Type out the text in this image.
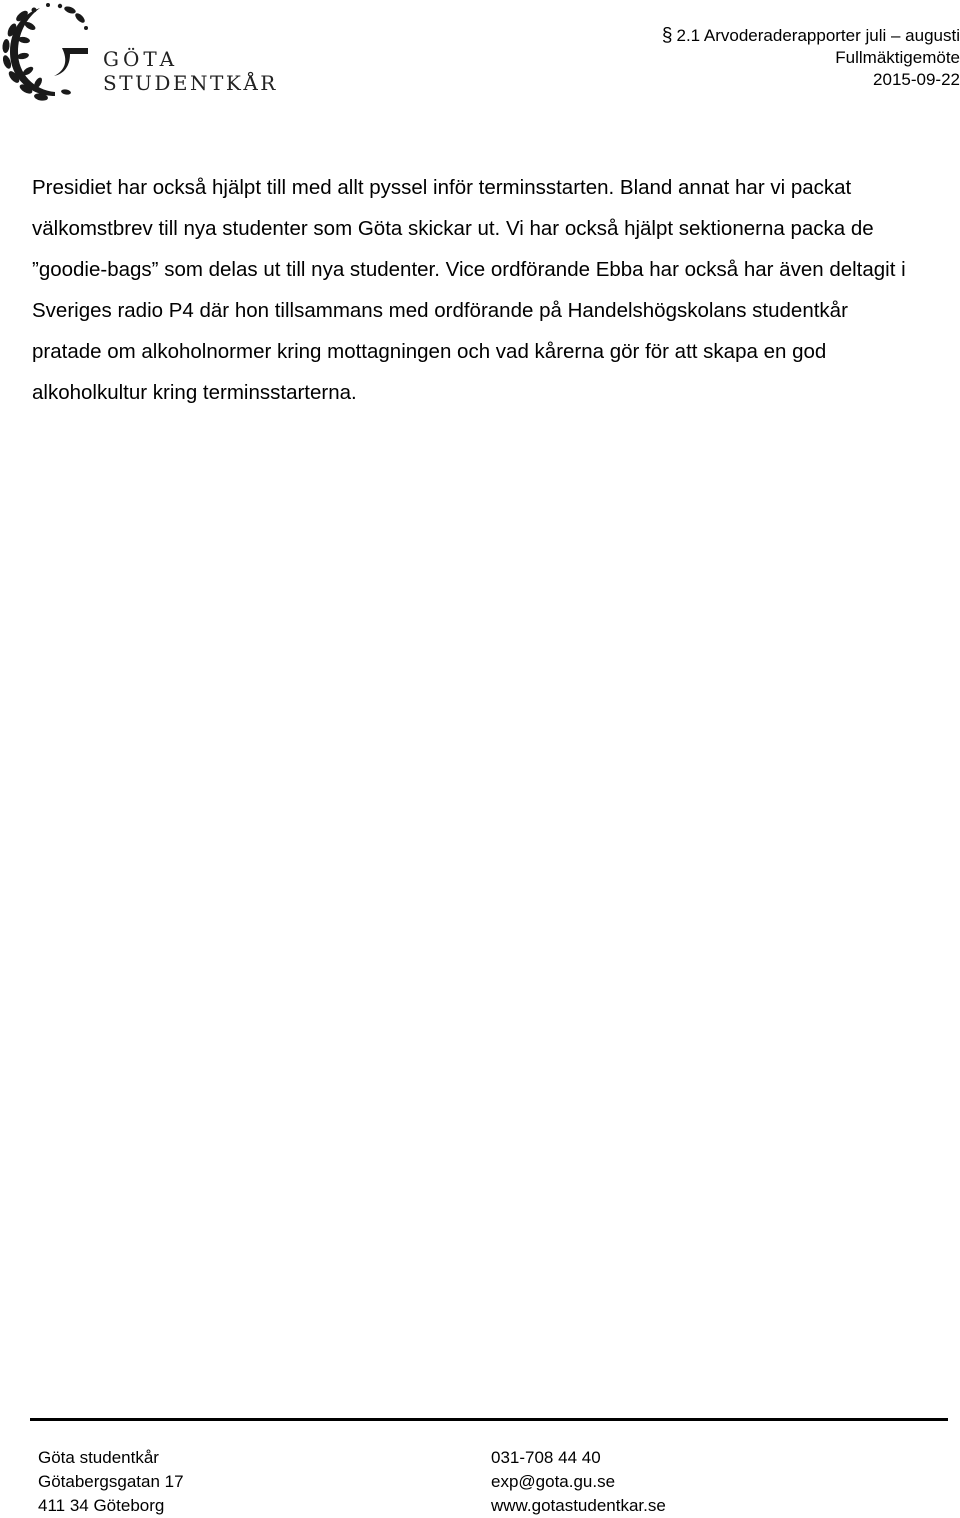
GÖTA
STUDENTKÅR
§ 2.1 Arvoderaderapporter juli – augusti
Fullmäktigemöte
2015-09-22

Presidiet har också hjälpt till med allt pyssel inför terminsstarten. Bland annat har vi packat välkomstbrev till nya studenter som Göta skickar ut. Vi har också hjälpt sektionerna packa de ”goodie-bags” som delas ut till nya studenter. Vice ordförande Ebba har också har även deltagit i Sveriges radio P4 där hon tillsammans med ordförande på Handelshögskolans studentkår pratade om alkoholnormer kring mottagningen och vad kårerna gör för att skapa en god alkoholkultur kring terminsstarterna.

Göta studentkår
Götabergsgatan 17
411 34 Göteborg
031-708 44 40
exp@gota.gu.se
www.gotastudentkar.se
